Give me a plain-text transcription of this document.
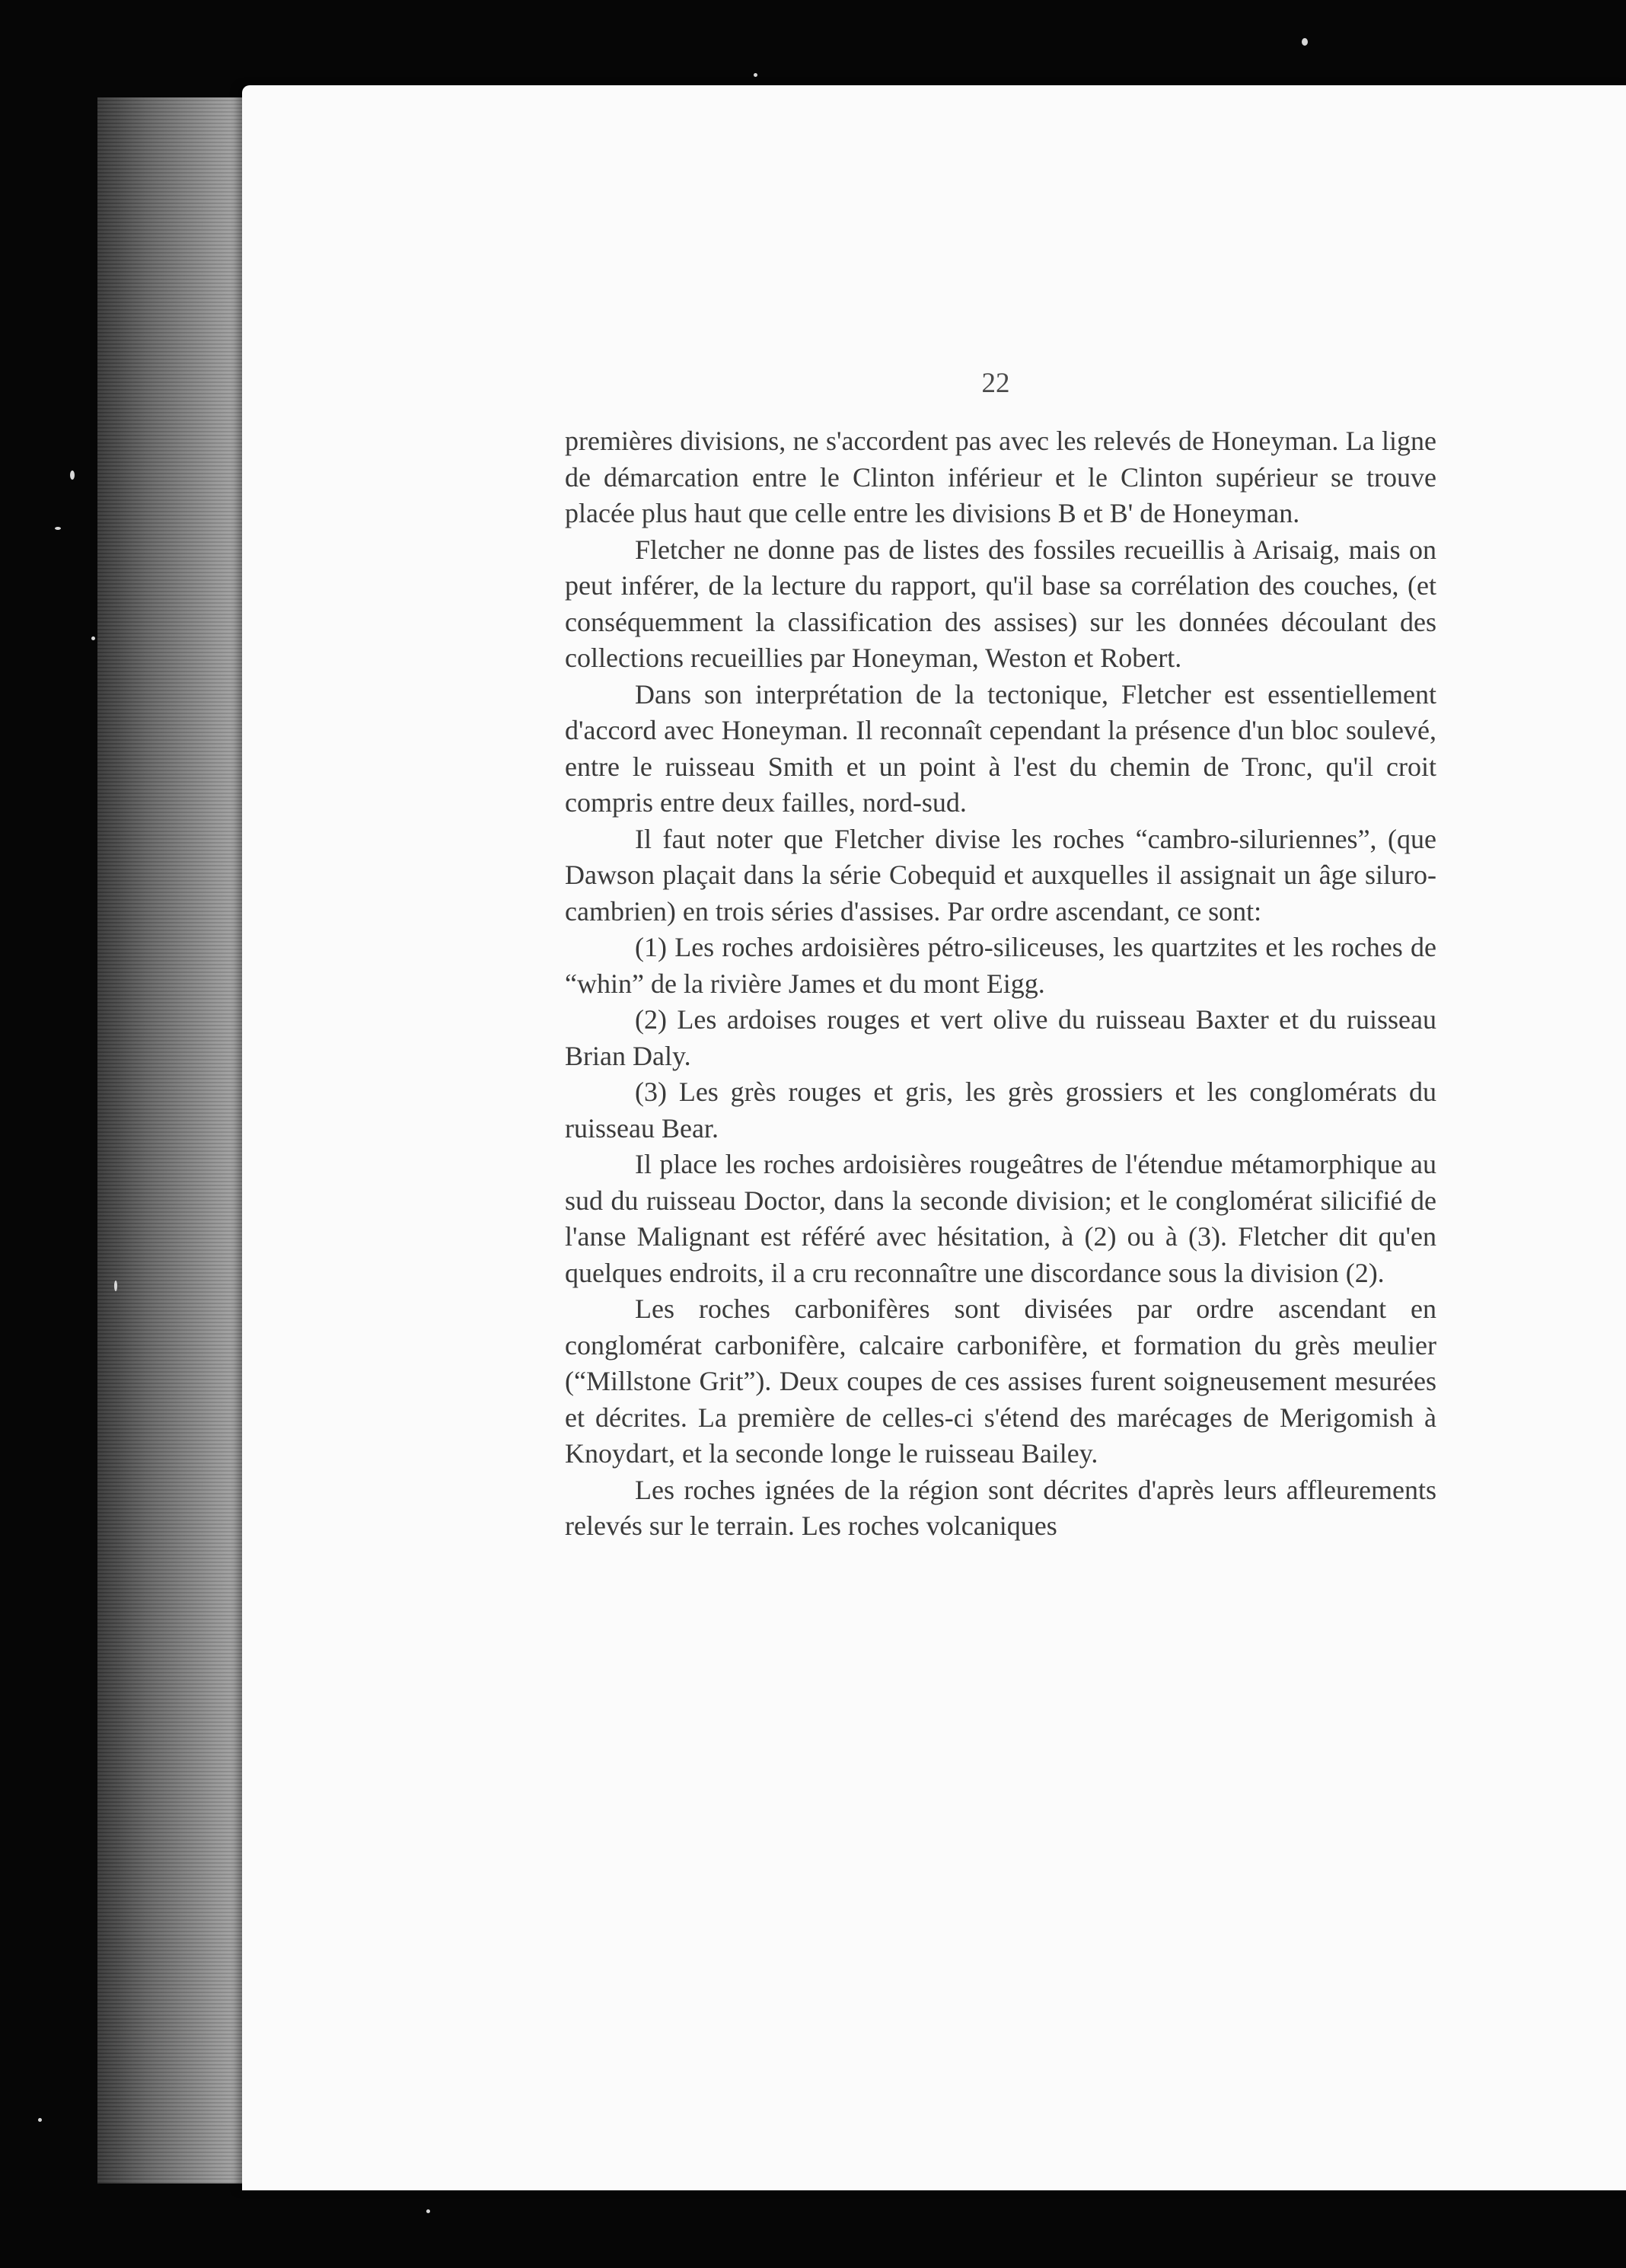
22

premières divisions, ne s'accordent pas avec les relevés de Honeyman. La ligne de démarcation entre le Clinton inférieur et le Clinton supérieur se trouve placée plus haut que celle entre les divisions B et B' de Honeyman.

Fletcher ne donne pas de listes des fossiles recueillis à Arisaig, mais on peut inférer, de la lecture du rapport, qu'il base sa corrélation des couches, (et conséquemment la classification des assises) sur les données découlant des collections recueillies par Honeyman, Weston et Robert.

Dans son interprétation de la tectonique, Fletcher est essentiellement d'accord avec Honeyman. Il reconnaît cependant la présence d'un bloc soulevé, entre le ruisseau Smith et un point à l'est du chemin de Tronc, qu'il croit compris entre deux failles, nord-sud.

Il faut noter que Fletcher divise les roches “cambro-siluriennes”, (que Dawson plaçait dans la série Cobequid et auxquelles il assignait un âge siluro-cambrien) en trois séries d'assises. Par ordre ascendant, ce sont:

(1) Les roches ardoisières pétro-siliceuses, les quartzites et les roches de “whin” de la rivière James et du mont Eigg.

(2) Les ardoises rouges et vert olive du ruisseau Baxter et du ruisseau Brian Daly.

(3) Les grès rouges et gris, les grès grossiers et les conglomérats du ruisseau Bear.

Il place les roches ardoisières rougeâtres de l'étendue métamorphique au sud du ruisseau Doctor, dans la seconde division; et le conglomérat silicifié de l'anse Malignant est référé avec hésitation, à (2) ou à (3). Fletcher dit qu'en quelques endroits, il a cru reconnaître une discordance sous la division (2).

Les roches carbonifères sont divisées par ordre ascendant en conglomérat carbonifère, calcaire carbonifère, et formation du grès meulier (“Millstone Grit”). Deux coupes de ces assises furent soigneusement mesurées et décrites. La première de celles-ci s'étend des marécages de Merigomish à Knoydart, et la seconde longe le ruisseau Bailey.

Les roches ignées de la région sont décrites d'après leurs affleurements relevés sur le terrain. Les roches volcaniques
